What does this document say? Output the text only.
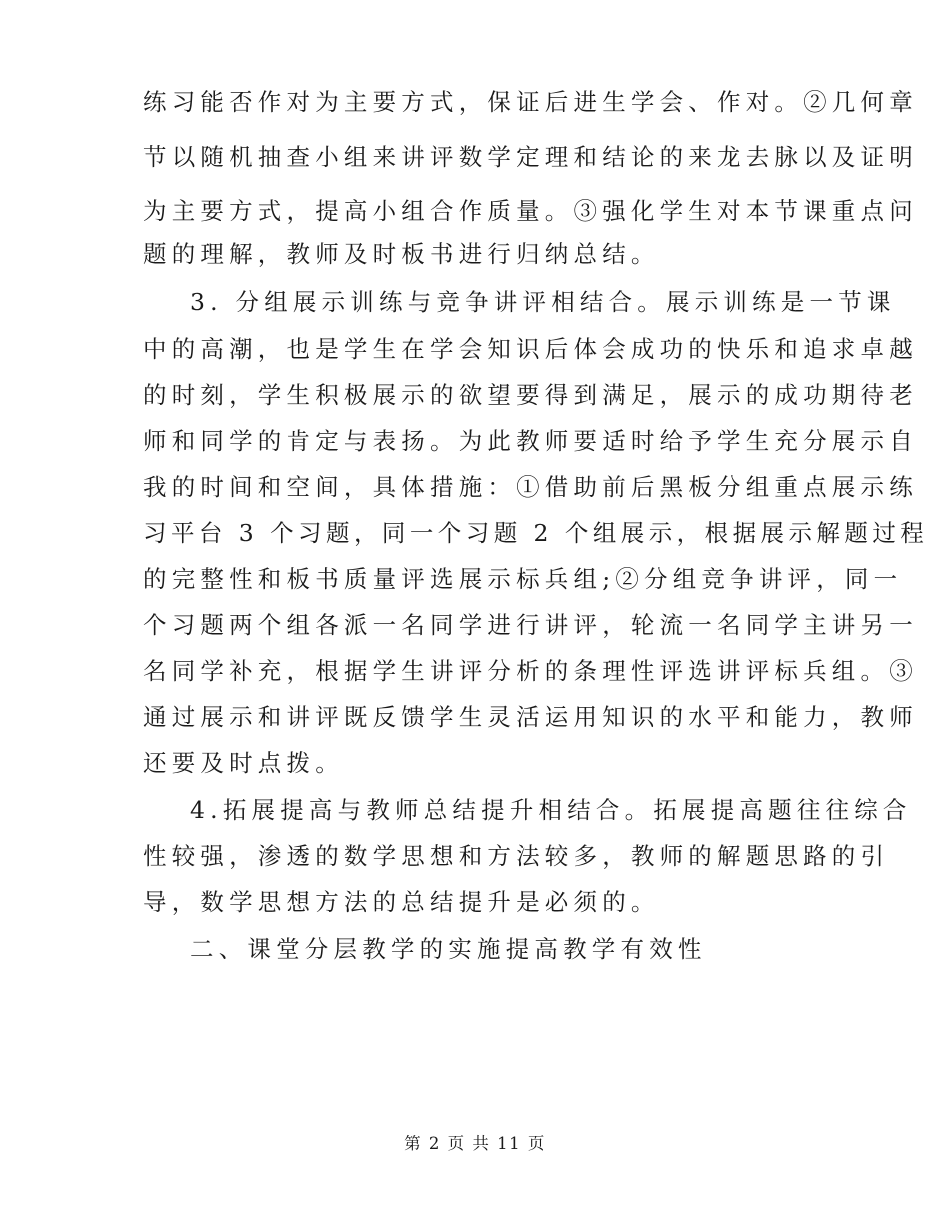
练习能否作对为主要方式，保证后进生学会、作对。②几何章
节以随机抽查小组来讲评数学定理和结论的来龙去脉以及证明
为主要方式，提高小组合作质量。③强化学生对本节课重点问
题的理解，教师及时板书进行归纳总结。
3. 分组展示训练与竞争讲评相结合。展示训练是一节课
中的高潮，也是学生在学会知识后体会成功的快乐和追求卓越
的时刻，学生积极展示的欲望要得到满足，展示的成功期待老
师和同学的肯定与表扬。为此教师要适时给予学生充分展示自
我的时间和空间，具体措施：①借助前后黑板分组重点展示练
习平台 3 个习题，同一个习题 2 个组展示，根据展示解题过程
的完整性和板书质量评选展示标兵组;②分组竞争讲评，同一
个习题两个组各派一名同学进行讲评，轮流一名同学主讲另一
名同学补充，根据学生讲评分析的条理性评选讲评标兵组。③
通过展示和讲评既反馈学生灵活运用知识的水平和能力，教师
还要及时点拨。
4.拓展提高与教师总结提升相结合。拓展提高题往往综合
性较强，渗透的数学思想和方法较多，教师的解题思路的引
导，数学思想方法的总结提升是必须的。
二、课堂分层教学的实施提高教学有效性
第 2 页 共 11 页
